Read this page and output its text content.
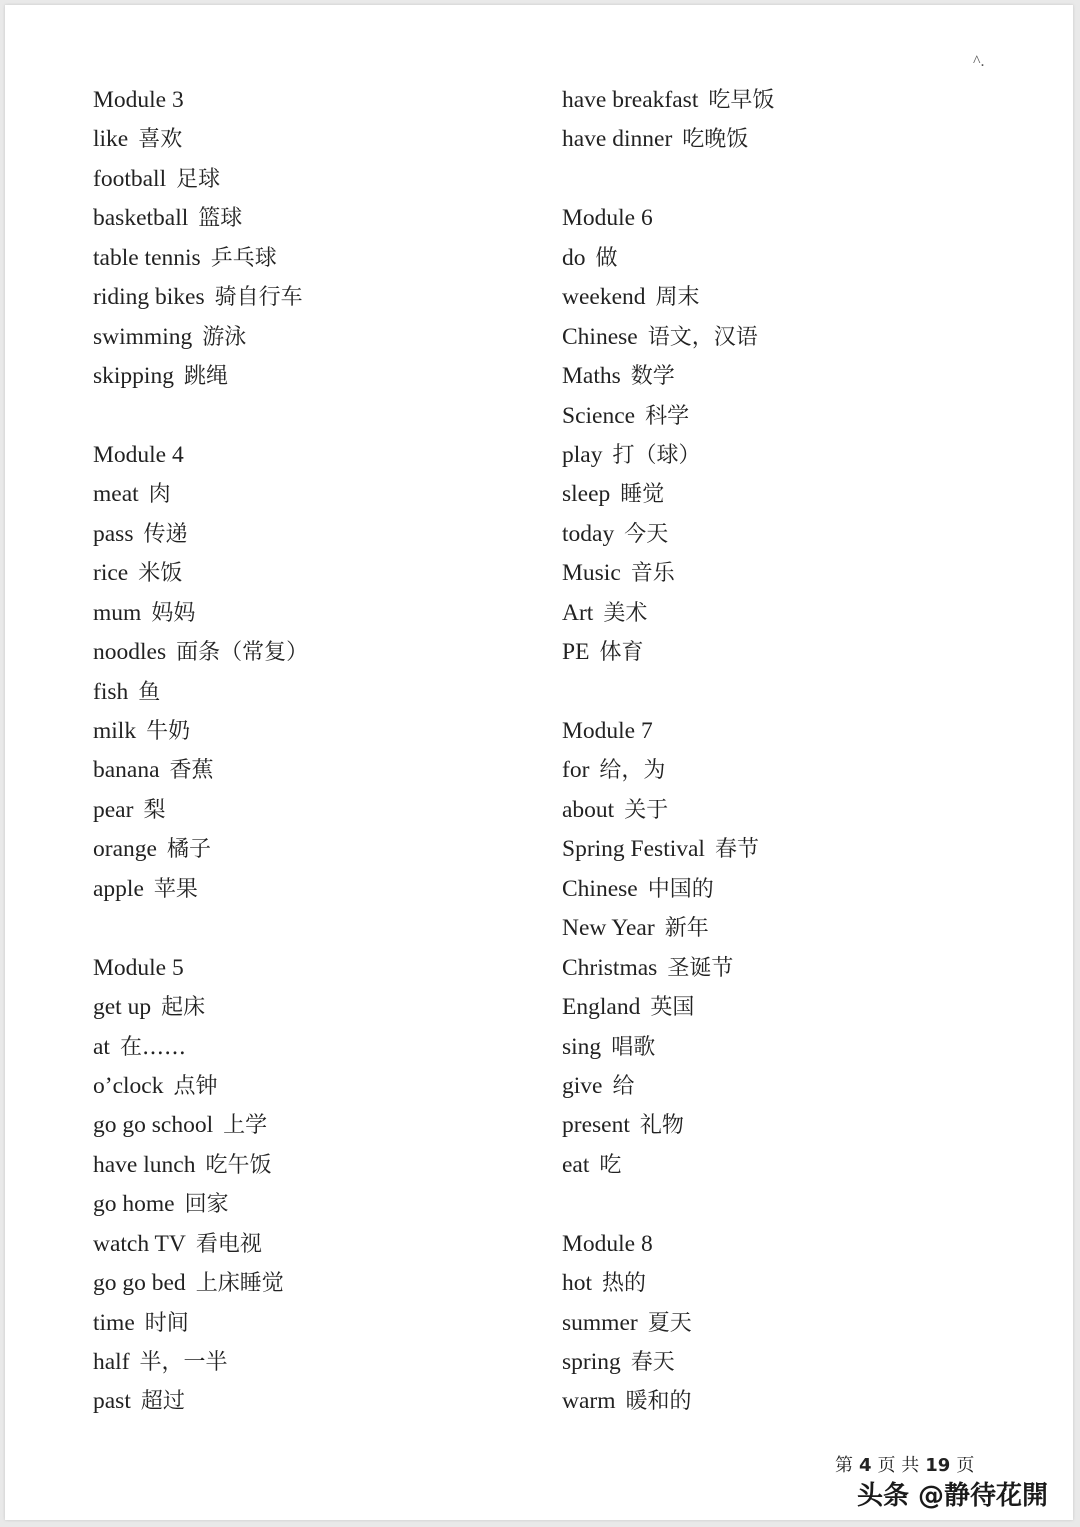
^.
Module 3
like 喜欢
football 足球
basketball 篮球
table tennis 乒乓球
riding bikes 骑自行车
swimming 游泳
skipping 跳绳
Module 4
meat 肉
pass 传递
rice 米饭
mum 妈妈
noodles 面条（常复）
fish 鱼
milk 牛奶
banana 香蕉
pear 梨
orange 橘子
apple 苹果
Module 5
get up 起床
at 在……
o’clock 点钟
go go school 上学
have lunch 吃午饭
go home 回家
watch TV 看电视
go go bed 上床睡觉
time 时间
half 半，一半
past 超过
have breakfast 吃早饭
have dinner 吃晚饭
Module 6
do 做
weekend 周末
Chinese 语文，汉语
Maths 数学
Science 科学
play 打（球）
sleep 睡觉
today 今天
Music 音乐
Art 美术
PE 体育
Module 7
for 给，为
about 关于
Spring Festival 春节
Chinese 中国的
New Year 新年
Christmas 圣诞节
England 英国
sing 唱歌
give 给
present 礼物
eat 吃
Module 8
hot 热的
summer 夏天
spring 春天
warm 暖和的
第 4 页 共 19 页
头条 @静待花開
